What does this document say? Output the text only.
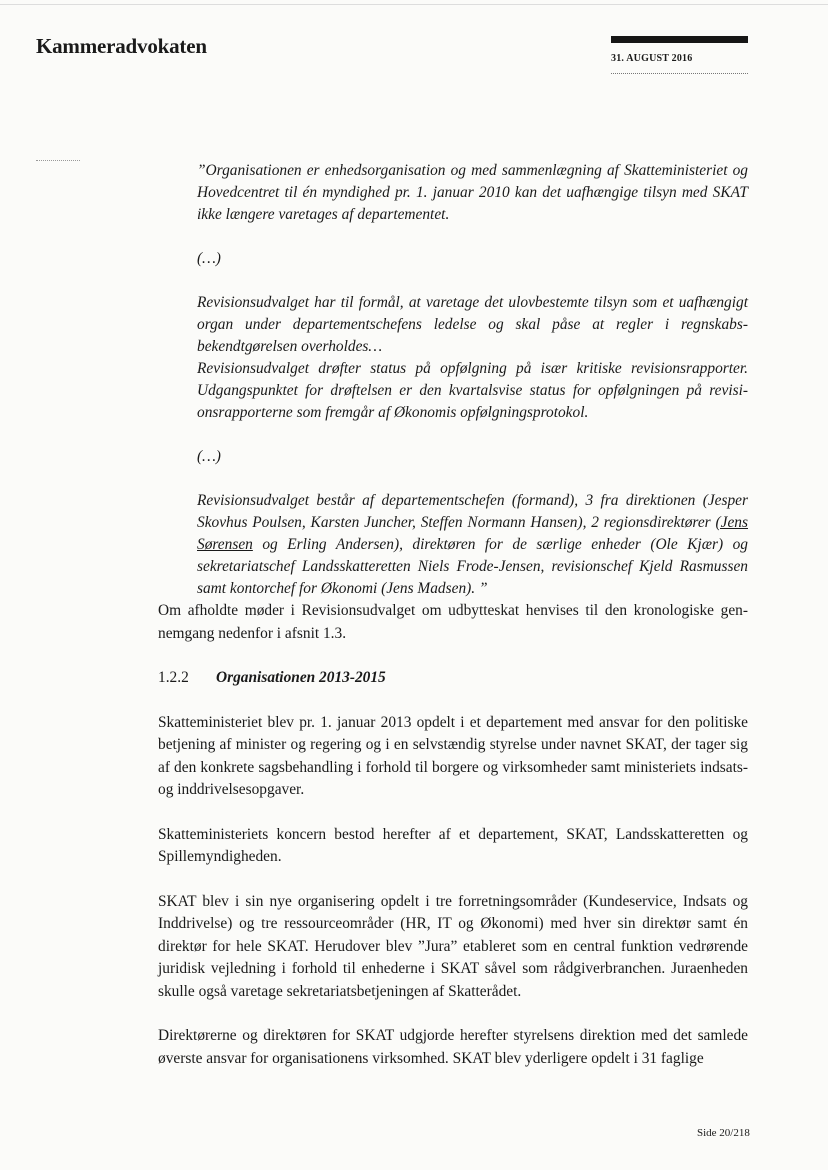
Kammeradvokaten
31. AUGUST 2016

”Organisationen er enhedsorganisation og med sammenlægning af Skatteministeriet og Hovedcentret til én myndighed pr. 1. januar 2010 kan det uafhængige tilsyn med SKAT ikke længere varetages af departementet.

(…)

Revisionsudvalget har til formål, at varetage det ulovbestemte tilsyn som et uafhængigt organ under departementschefens ledelse og skal påse at regler i regnskabsbekendtgørelsen overholdes…

Revisionsudvalget drøfter status på opfølgning på især kritiske revisionsrapporter. Udgangspunktet for drøftelsen er den kvartalsvise status for opfølgningen på revisionsrapporterne som fremgår af Økonomis opfølgningsprotokol.

(…)

Revisionsudvalget består af departementschefen (formand), 3 fra direktionen (Jesper Skovhus Poulsen, Karsten Juncher, Steffen Normann Hansen), 2 regionsdirektører (Jens Sørensen og Erling Andersen), direktøren for de særlige enheder (Ole Kjær) og sekretariatschef Landsskatteretten Niels Frode-Jensen, revisionschef Kjeld Rasmussen samt kontorchef for Økonomi (Jens Madsen). ”

Om afholdte møder i Revisionsudvalget om udbytteskat henvises til den kronologiske gennemgang nedenfor i afsnit 1.3.

1.2.2 Organisationen 2013-2015

Skatteministeriet blev pr. 1. januar 2013 opdelt i et departement med ansvar for den politiske betjening af minister og regering og i en selvstændig styrelse under navnet SKAT, der tager sig af den konkrete sagsbehandling i forhold til borgere og virksomheder samt ministeriets indsats- og inddrivelsesopgaver.

Skatteministeriets koncern bestod herefter af et departement, SKAT, Landsskatteretten og Spillemyndigheden.

SKAT blev i sin nye organisering opdelt i tre forretningsområder (Kundeservice, Indsats og Inddrivelse) og tre ressourceområder (HR, IT og Økonomi) med hver sin direktør samt én direktør for hele SKAT. Herudover blev ”Jura” etableret som en central funktion vedrørende juridisk vejledning i forhold til enhederne i SKAT såvel som rådgiverbranchen. Juraenheden skulle også varetage sekretariatsbetjeningen af Skatterådet.

Direktørerne og direktøren for SKAT udgjorde herefter styrelsens direktion med det samlede øverste ansvar for organisationens virksomhed. SKAT blev yderligere opdelt i 31 faglige

Side 20/218
